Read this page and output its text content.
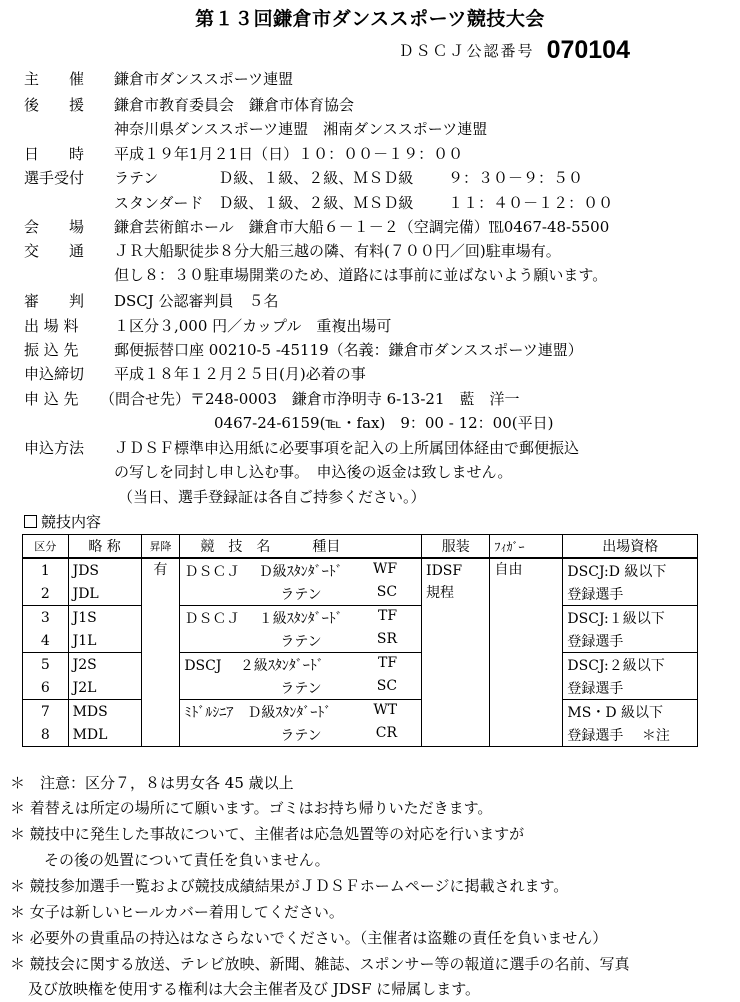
第１３回鎌倉市ダンススポーツ競技大会
ＤＳＣＪ公認番号 070104
主　　催 鎌倉市ダンススポーツ連盟
後　　援 鎌倉市教育委員会　鎌倉市体育協会
神奈川県ダンススポーツ連盟　湘南ダンススポーツ連盟
日　　時 平成１９年1月２1日（日）１０：００－１９：００
選手受付 ラテン　　　　Ｄ級、１級、２級、ＭＳＤ級　　 ９：３０－９：５０
スタンダード　Ｄ級、１級、２級、ＭＳＤ級　　 １１：４０－１２：００
会　　場 鎌倉芸術館ホール　鎌倉市大船６－１－２（空調完備）℡0467-48-5500
交　　通 ＪＲ大船駅徒歩８分大船三越の隣、有料(７００円／回)駐車場有。
但し８：３０駐車場開業のため、道路には事前に並ばないよう願います。
審　　判 DSCJ 公認審判員　５名
出 場 料 １区分３,000 円／カップル　重複出場可
振 込 先 郵便振替口座 00210-5 -45119（名義：鎌倉市ダンススポーツ連盟）
申込締切 平成１８年１２月２５日(月)必着の事
申 込 先 （問合せ先）〒248-0003　鎌倉市浄明寺 6-13-21　藍　洋一
0467-24-6159(℡・fax)　9：00 - 12：00(平日)
申込方法 ＪＤＳＦ標準申込用紙に必要事項を記入の上所属団体経由で郵便振込
の写しを同封し申し込む事。　申込後の返金は致しません。
（当日、選手登録証は各自ご持参ください。）
競技内容
区分	略 称	昇降	競　技　名　　　種目	服装	ﾌｨｶﾞｰ	出場資格
1	JDS	有	ＤＳＣＪ　 Ｄ級ｽﾀﾝﾀﾞｰﾄﾞ WF	IDSF	自由	DSCJ:D 級以下
2	JDL		ラテン SC	規程		登録選手
3	J1S		ＤＳＣＪ　 １級ｽﾀﾝﾀﾞｰﾄﾞ TF			DSCJ:１級以下
4	J1L		ラテン SR			登録選手
5	J2S		DSCJ　 ２級ｽﾀﾝﾀﾞｰﾄﾞ TF			DSCJ:２級以下
6	J2L		ラテン SC			登録選手
7	MDS		ﾐﾄﾞﾙｼﾆｱ　Ｄ級ｽﾀﾝﾀﾞｰﾄﾞ WT			MS・D 級以下
8	MDL		ラテン CR			登録選手　 ＊注
＊　注意：区分７，８は男女各 45 歳以上
＊ 着替えは所定の場所にて願います。ゴミはお持ち帰りいただきます。
＊ 競技中に発生した事故について、主催者は応急処置等の対応を行いますが
その後の処置について責任を負いません。
＊ 競技参加選手一覧および競技成績結果がＪＤＳＦホームページに掲載されます。
＊ 女子は新しいヒールカバー着用してください。
＊ 必要外の貴重品の持込はなさらないでください。（主催者は盗難の責任を負いません）
＊ 競技会に関する放送、テレビ放映、新聞、雑誌、スポンサー等の報道に選手の名前、写真
及び放映権を使用する権利は大会主催者及び JDSF に帰属します。
